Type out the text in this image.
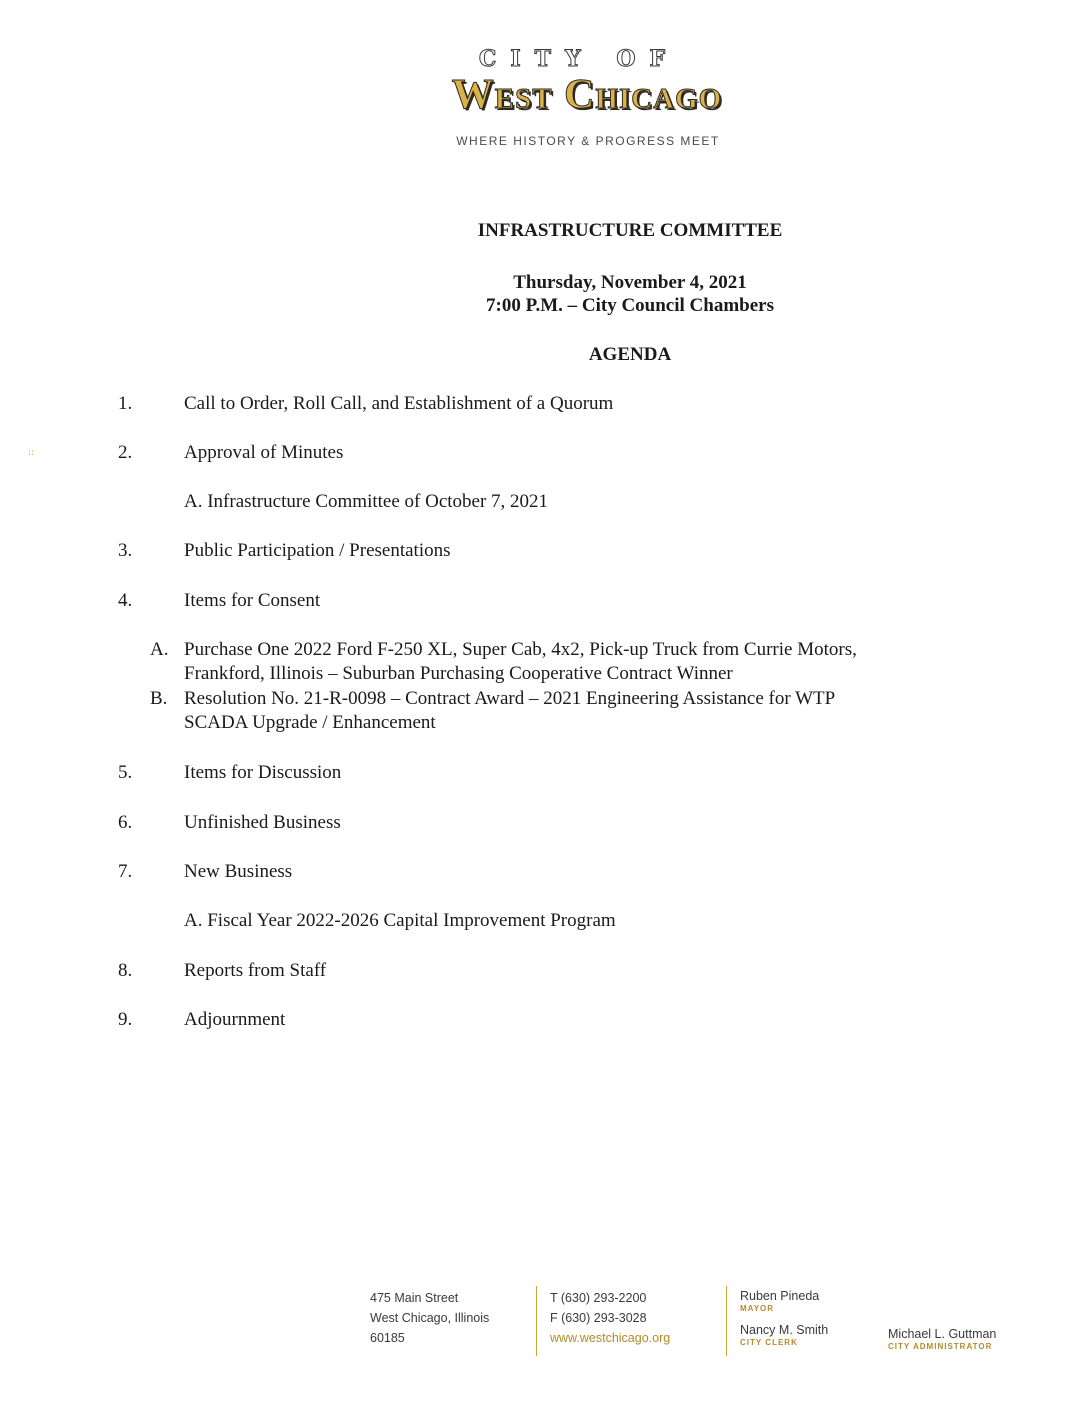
CITY OF
West Chicago
WHERE HISTORY & PROGRESS MEET
INFRASTRUCTURE COMMITTEE
Thursday, November 4, 2021
7:00 P.M. – City Council Chambers
AGENDA
::
1.	Call to Order, Roll Call, and Establishment of a Quorum
2.	Approval of Minutes
A. Infrastructure Committee of October 7, 2021
3.	Public Participation / Presentations
4.	Items for Consent
A. Purchase One 2022 Ford F-250 XL, Super Cab, 4x2, Pick-up Truck from Currie Motors,
Frankford, Illinois – Suburban Purchasing Cooperative Contract Winner
B. Resolution No. 21-R-0098 – Contract Award – 2021 Engineering Assistance for WTP
SCADA Upgrade / Enhancement
5.	Items for Discussion
6.	Unfinished Business
7.	New Business
A. Fiscal Year 2022-2026 Capital Improvement Program
8.	Reports from Staff
9.	Adjournment
475 Main Street
West Chicago, Illinois
60185
T (630) 293-2200
F (630) 293-3028
www.westchicago.org
Ruben Pineda
MAYOR
Nancy M. Smith
CITY CLERK
Michael L. Guttman
CITY ADMINISTRATOR
